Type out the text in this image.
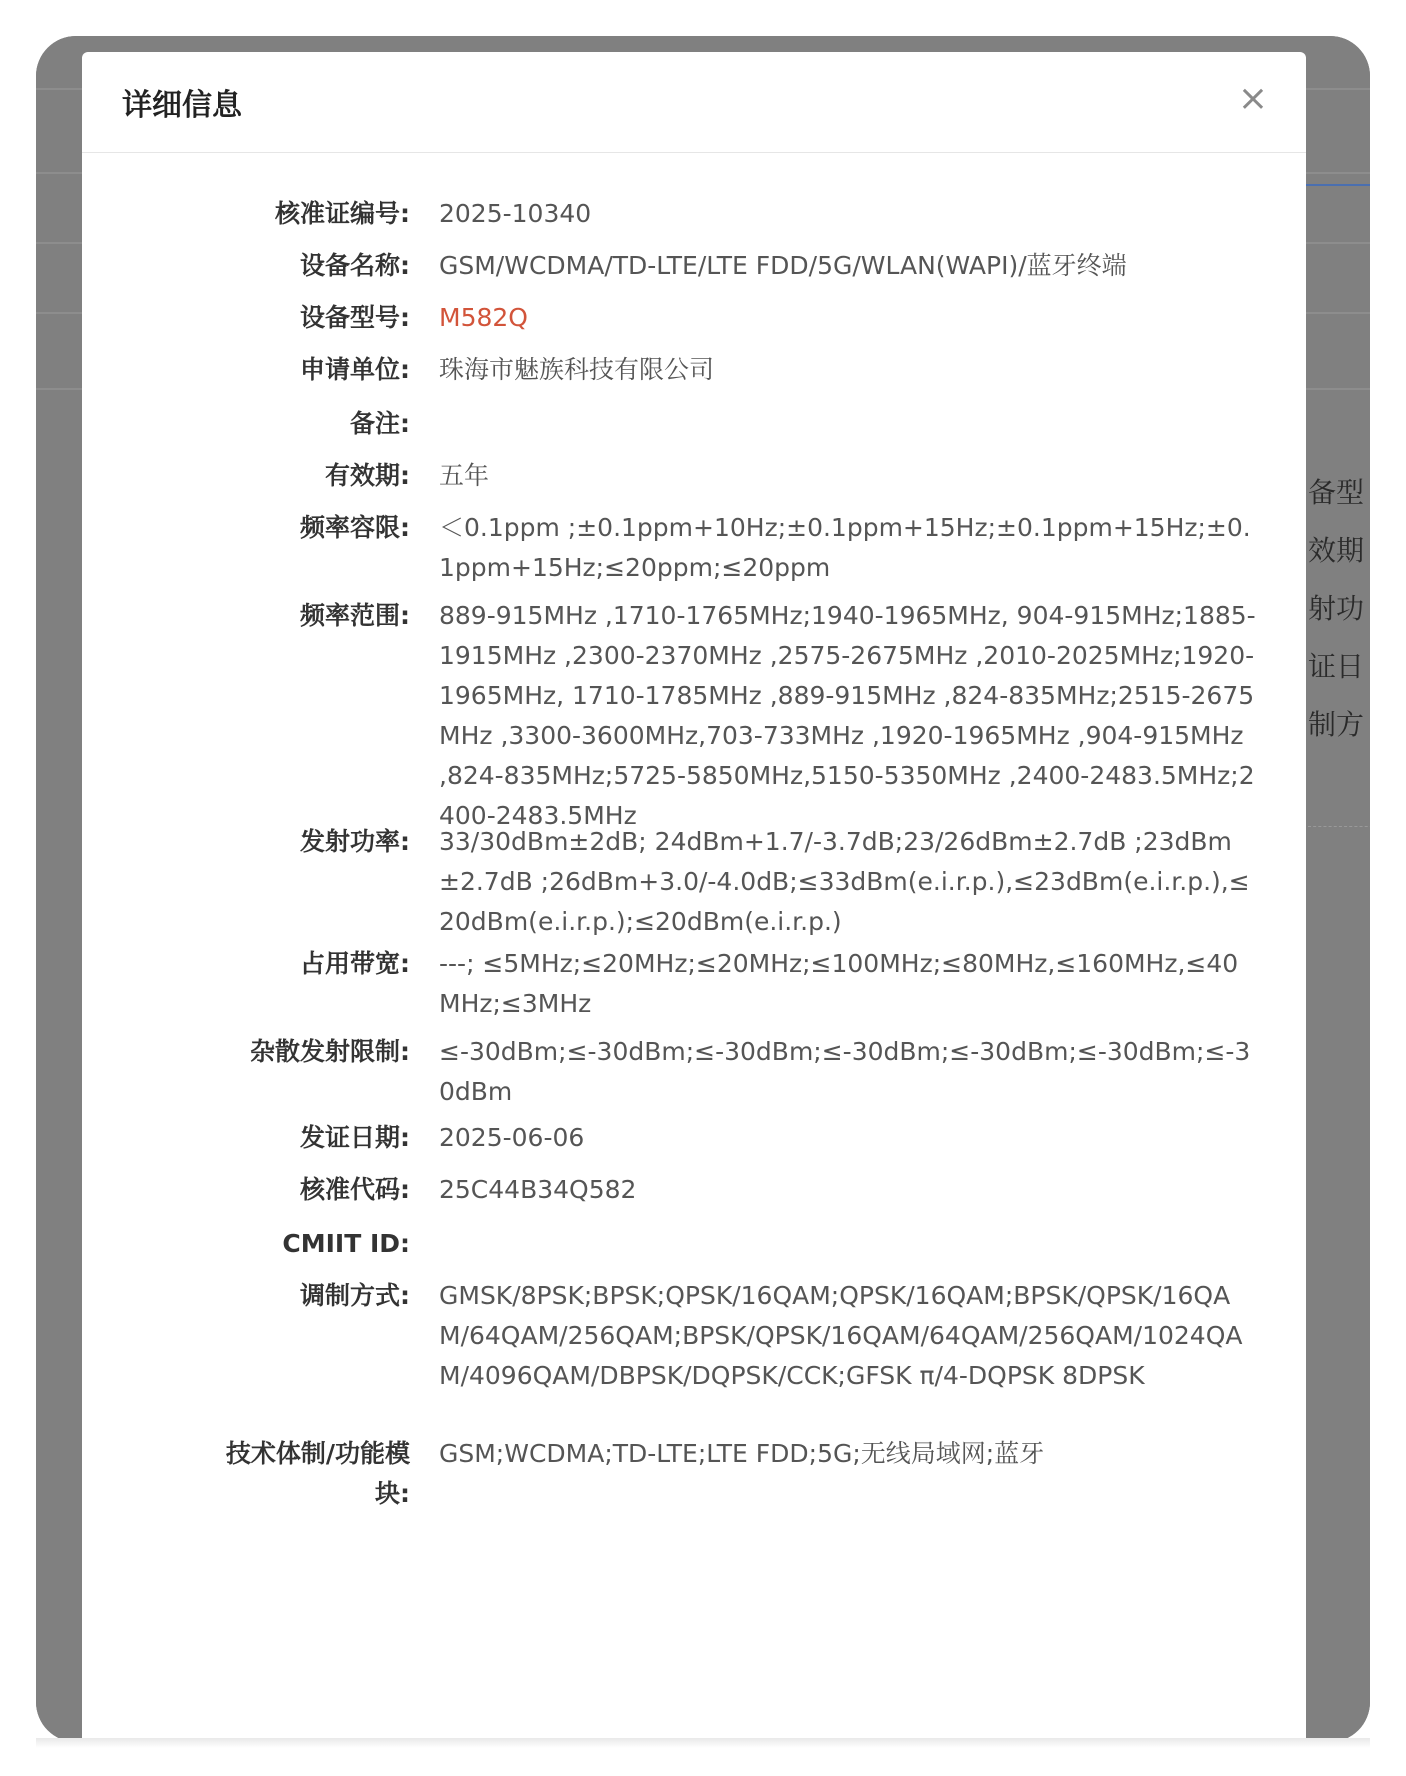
备型
效期
射功
证日
制方
详细信息	×
核准证编号: 2025-10340
设备名称: GSM/WCDMA/TD-LTE/LTE FDD/5G/WLAN(WAPI)/蓝牙终端
设备型号: M582Q
申请单位: 珠海市魅族科技有限公司
备注:
有效期: 五年
频率容限: ＜0.1ppm ;±0.1ppm+10Hz;±0.1ppm+15Hz;±0.1ppm+15Hz;±0.1ppm+15Hz;≤20ppm;≤20ppm
频率范围: 889-915MHz ,1710-1765MHz;1940-1965MHz, 904-915MHz;1885-1915MHz ,2300-2370MHz ,2575-2675MHz ,2010-2025MHz;1920-1965MHz, 1710-1785MHz ,889-915MHz ,824-835MHz;2515-2675MHz ,3300-3600MHz,703-733MHz ,1920-1965MHz ,904-915MHz ,824-835MHz;5725-5850MHz,5150-5350MHz ,2400-2483.5MHz;2400-2483.5MHz
发射功率: 33/30dBm±2dB; 24dBm+1.7/-3.7dB;23/26dBm±2.7dB ;23dBm±2.7dB ;26dBm+3.0/-4.0dB;≤33dBm(e.i.r.p.),≤23dBm(e.i.r.p.),≤20dBm(e.i.r.p.);≤20dBm(e.i.r.p.)
占用带宽: ---; ≤5MHz;≤20MHz;≤20MHz;≤100MHz;≤80MHz,≤160MHz,≤40MHz;≤3MHz
杂散发射限制: ≤-30dBm;≤-30dBm;≤-30dBm;≤-30dBm;≤-30dBm;≤-30dBm;≤-30dBm
发证日期: 2025-06-06
核准代码: 25C44B34Q582
CMIIT ID:
调制方式: GMSK/8PSK;BPSK;QPSK/16QAM;QPSK/16QAM;BPSK/QPSK/16QAM/64QAM/256QAM;BPSK/QPSK/16QAM/64QAM/256QAM/1024QAM/4096QAM/DBPSK/DQPSK/CCK;GFSK π/4-DQPSK 8DPSK
技术体制/功能模块:
GSM;WCDMA;TD-LTE;LTE FDD;5G;无线局域网;蓝牙
